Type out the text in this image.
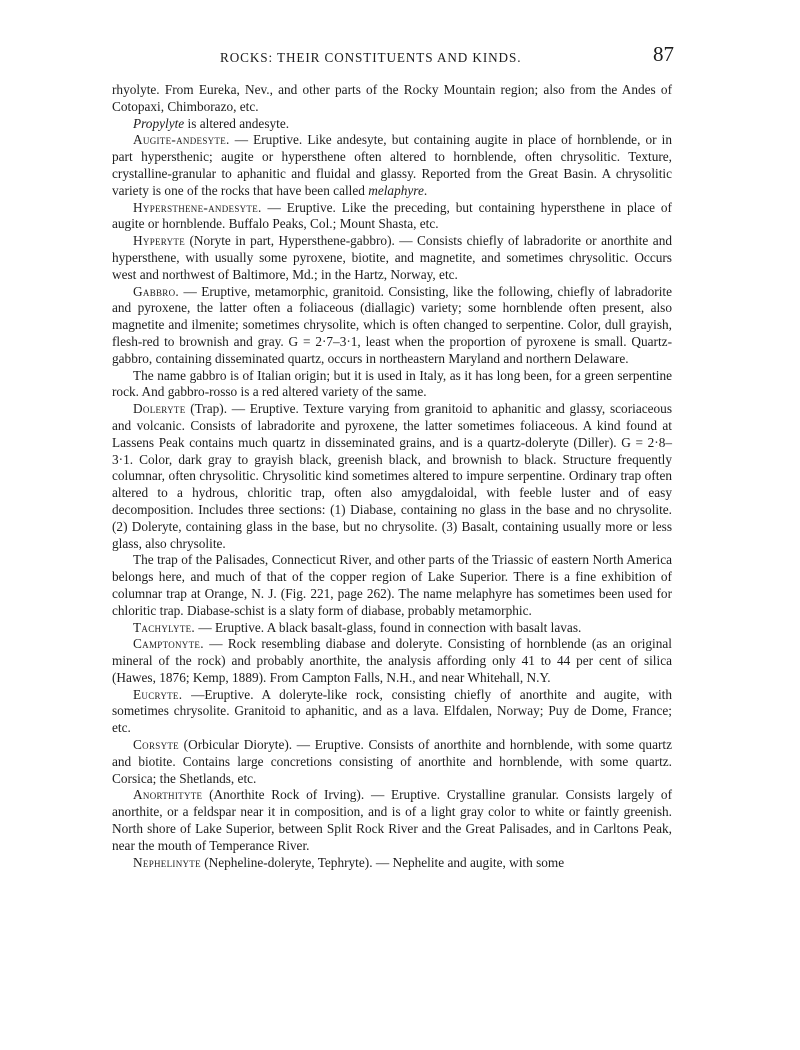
ROCKS: THEIR CONSTITUENTS AND KINDS.	87

rhyolyte. From Eureka, Nev., and other parts of the Rocky Mountain region; also from the Andes of Cotopaxi, Chimborazo, etc.

Propylyte is altered andesyte.

Augite-andesyte. — Eruptive. Like andesyte, but containing augite in place of hornblende, or in part hypersthenic; augite or hypersthene often altered to hornblende, often chrysolitic. Texture, crystalline-granular to aphanitic and fluidal and glassy. Reported from the Great Basin. A chrysolitic variety is one of the rocks that have been called melaphyre.

Hypersthene-andesyte. — Eruptive. Like the preceding, but containing hypersthene in place of augite or hornblende. Buffalo Peaks, Col.; Mount Shasta, etc.

Hyperyte (Noryte in part, Hypersthene-gabbro). — Consists chiefly of labradorite or anorthite and hypersthene, with usually some pyroxene, biotite, and magnetite, and sometimes chrysolitic. Occurs west and northwest of Baltimore, Md.; in the Hartz, Norway, etc.

Gabbro. — Eruptive, metamorphic, granitoid. Consisting, like the following, chiefly of labradorite and pyroxene, the latter often a foliaceous (diallagic) variety; some hornblende often present, also magnetite and ilmenite; sometimes chrysolite, which is often changed to serpentine. Color, dull grayish, flesh-red to brownish and gray. G = 2·7–3·1, least when the proportion of pyroxene is small. Quartz-gabbro, containing disseminated quartz, occurs in northeastern Maryland and northern Delaware.

The name gabbro is of Italian origin; but it is used in Italy, as it has long been, for a green serpentine rock. And gabbro-rosso is a red altered variety of the same.

Doleryte (Trap). — Eruptive. Texture varying from granitoid to aphanitic and glassy, scoriaceous and volcanic. Consists of labradorite and pyroxene, the latter sometimes foliaceous. A kind found at Lassens Peak contains much quartz in disseminated grains, and is a quartz-doleryte (Diller). G = 2·8–3·1. Color, dark gray to grayish black, greenish black, and brownish to black. Structure frequently columnar, often chrysolitic. Chrysolitic kind sometimes altered to impure serpentine. Ordinary trap often altered to a hydrous, chloritic trap, often also amygdaloidal, with feeble luster and of easy decomposition. Includes three sections: (1) Diabase, containing no glass in the base and no chrysolite. (2) Doleryte, containing glass in the base, but no chrysolite. (3) Basalt, containing usually more or less glass, also chrysolite.

The trap of the Palisades, Connecticut River, and other parts of the Triassic of eastern North America belongs here, and much of that of the copper region of Lake Superior. There is a fine exhibition of columnar trap at Orange, N. J. (Fig. 221, page 262). The name melaphyre has sometimes been used for chloritic trap. Diabase-schist is a slaty form of diabase, probably metamorphic.

Tachylyte. — Eruptive. A black basalt-glass, found in connection with basalt lavas.

Camptonyte. — Rock resembling diabase and doleryte. Consisting of hornblende (as an original mineral of the rock) and probably anorthite, the analysis affording only 41 to 44 per cent of silica (Hawes, 1876; Kemp, 1889). From Campton Falls, N.H., and near Whitehall, N.Y.

Eucryte. —Eruptive. A doleryte-like rock, consisting chiefly of anorthite and augite, with sometimes chrysolite. Granitoid to aphanitic, and as a lava. Elfdalen, Norway; Puy de Dome, France; etc.

Corsyte (Orbicular Dioryte). — Eruptive. Consists of anorthite and hornblende, with some quartz and biotite. Contains large concretions consisting of anorthite and hornblende, with some quartz. Corsica; the Shetlands, etc.

Anorthityte (Anorthite Rock of Irving). — Eruptive. Crystalline granular. Consists largely of anorthite, or a feldspar near it in composition, and is of a light gray color to white or faintly greenish. North shore of Lake Superior, between Split Rock River and the Great Palisades, and in Carltons Peak, near the mouth of Temperance River.

Nephelinyte (Nepheline-doleryte, Tephryte). — Nephelite and augite, with some
